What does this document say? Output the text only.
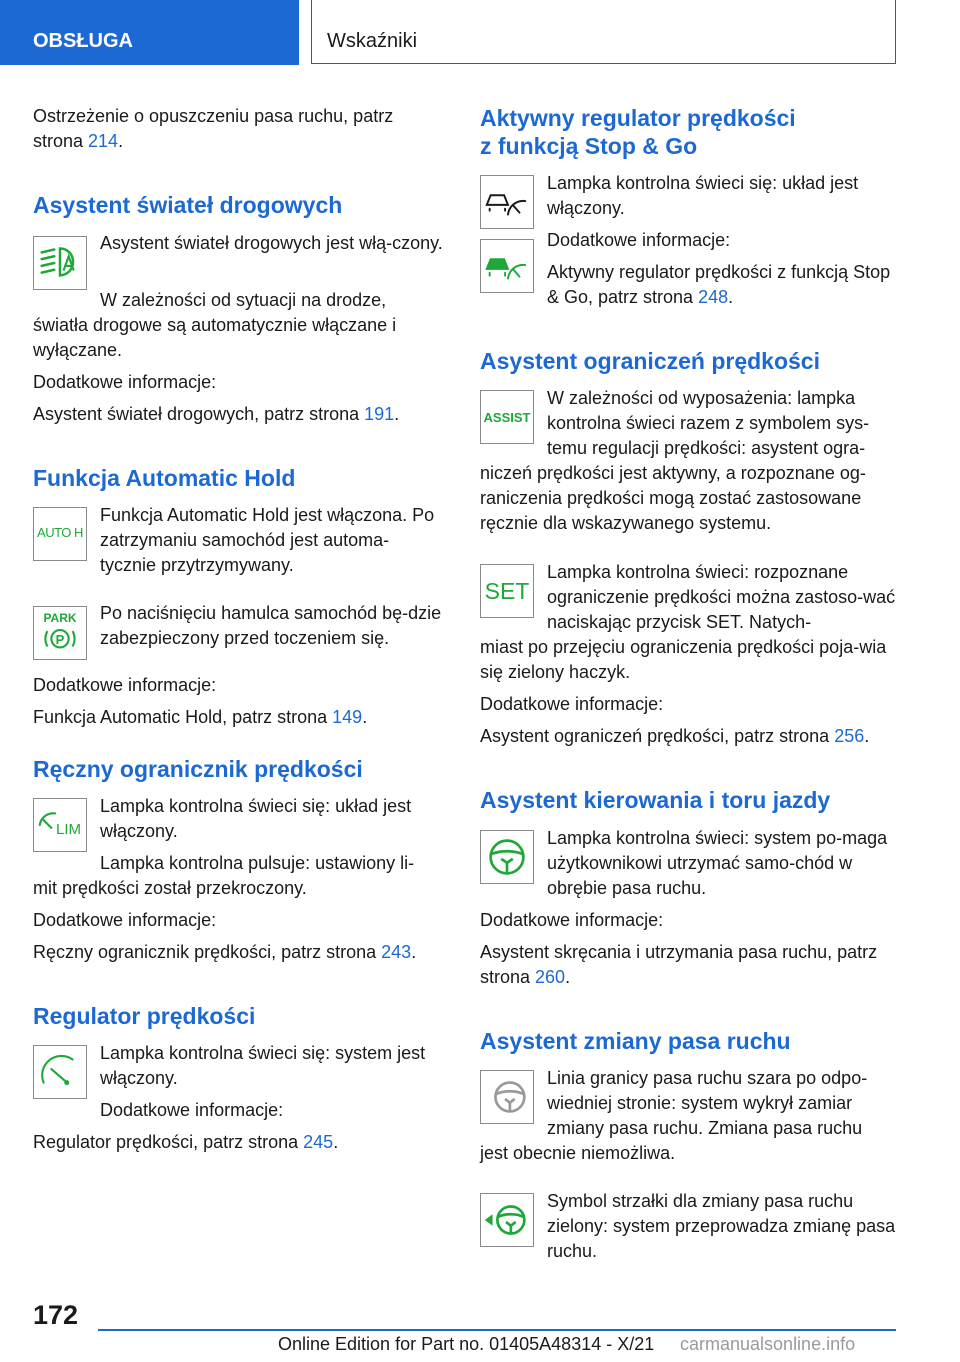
OBSŁUGA	Wskaźniki
Ostrzeżenie o opuszczeniu pasa ruchu, patrz strona 214.
Asystent świateł drogowych
Asystent świateł drogowych jest włą‐czony.
W zależności od sytuacji na drodze,
światła drogowe są automatycznie włączane i wyłączane.
Dodatkowe informacje:
Asystent świateł drogowych, patrz strona 191.
Funkcja Automatic Hold
AUTO H
Funkcja Automatic Hold jest włączona. Po zatrzymaniu samochód jest automa‐tycznie przytrzymywany.
PARK
P
Po naciśnięciu hamulca samochód bę‐dzie zabezpieczony przed toczeniem się.
Dodatkowe informacje:
Funkcja Automatic Hold, patrz strona 149.
Ręczny ogranicznik prędkości
LIM
Lampka kontrolna świeci się: układ jest włączony.
Lampka kontrolna pulsuje: ustawiony li‐
mit prędkości został przekroczony.
Dodatkowe informacje:
Ręczny ogranicznik prędkości, patrz strona 243.
Regulator prędkości
Lampka kontrolna świeci się: system jest włączony.
Dodatkowe informacje:
Regulator prędkości, patrz strona 245.
Aktywny regulator prędkości
z funkcją Stop & Go
Lampka kontrolna świeci się: układ jest włączony.
Dodatkowe informacje:
Aktywny regulator prędkości z funkcją Stop & Go, patrz strona 248.
Asystent ograniczeń prędkości
ASSIST
W zależności od wyposażenia: lampka kontrolna świeci razem z symbolem sys‐temu regulacji prędkości: asystent ogra‐
niczeń prędkości jest aktywny, a rozpoznane og‐raniczenia prędkości mogą zostać zastosowane ręcznie dla wskazywanego systemu.
SET
Lampka kontrolna świeci: rozpoznane ograniczenie prędkości można zastoso‐wać naciskając przycisk SET. Natych‐
miast po przejęciu ograniczenia prędkości poja‐wia się zielony haczyk.
Dodatkowe informacje:
Asystent ograniczeń prędkości, patrz strona 256.
Asystent kierowania i toru jazdy
Lampka kontrolna świeci: system po‐maga użytkownikowi utrzymać samo‐chód w obrębie pasa ruchu.
Dodatkowe informacje:
Asystent skręcania i utrzymania pasa ruchu, patrz strona 260.
Asystent zmiany pasa ruchu
Linia granicy pasa ruchu szara po odpo‐wiedniej stronie: system wykrył zamiar zmiany pasa ruchu. Zmiana pasa ruchu
jest obecnie niemożliwa.
Symbol strzałki dla zmiany pasa ruchu zielony: system przeprowadza zmianę pasa ruchu.
172
Online Edition for Part no. 01405A48314 - X/21 carmanualsonline.info
